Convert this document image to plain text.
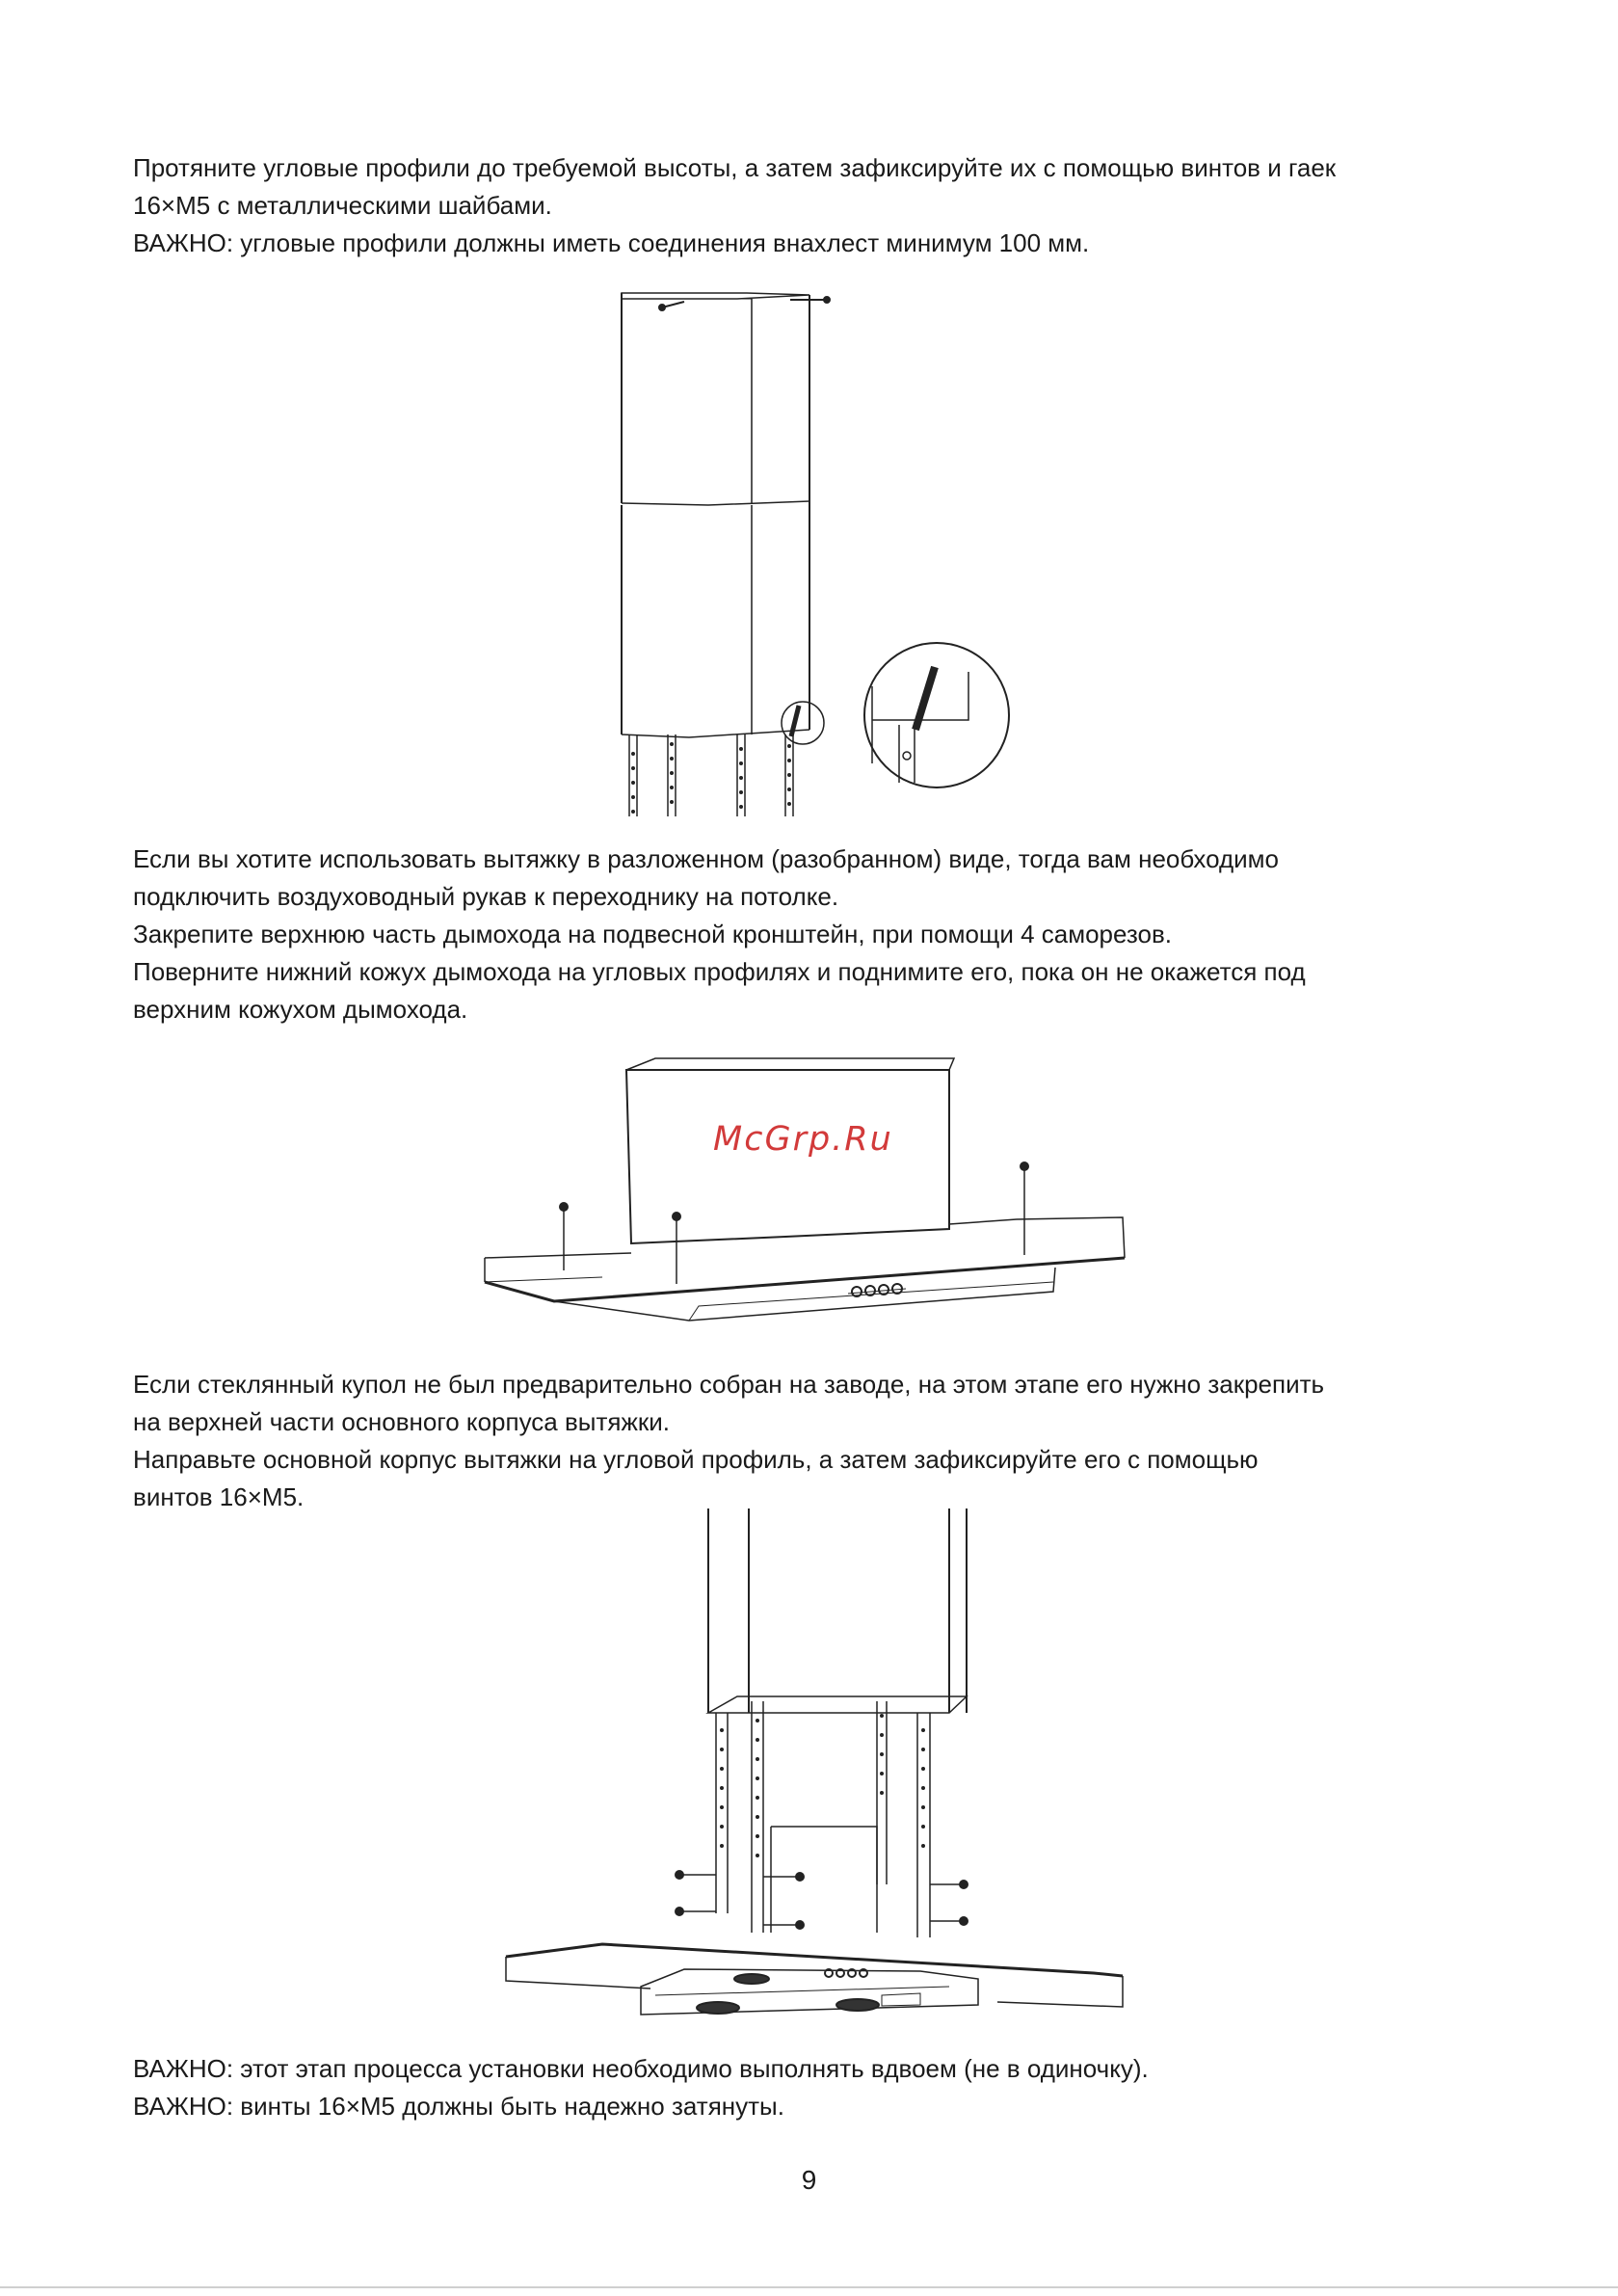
Протяните угловые профили до требуемой высоты, а затем зафиксируйте их с помощью винтов и гаек

16×M5 с металлическими шайбами.

ВАЖНО: угловые профили должны иметь соединения внахлест минимум 100 мм.

Если вы хотите использовать вытяжку в разложенном (разобранном) виде, тогда вам необходимо

подключить воздуховодный рукав к переходнику на потолке.

Закрепите верхнюю часть дымохода на подвесной кронштейн, при помощи 4 саморезов.

Поверните нижний кожух дымохода на угловых профилях и поднимите его, пока он не окажется под

верхним кожухом дымохода.

McGrp.Ru

Если стеклянный купол не был предварительно собран на заводе, на этом этапе его нужно закрепить

на верхней части основного корпуса вытяжки.

Направьте основной корпус вытяжки на угловой профиль, а затем зафиксируйте его с помощью

винтов 16×M5.

ВАЖНО: этот этап процесса установки необходимо выполнять вдвоем (не в одиночку).

ВАЖНО: винты 16×M5 должны быть надежно затянуты.

9
